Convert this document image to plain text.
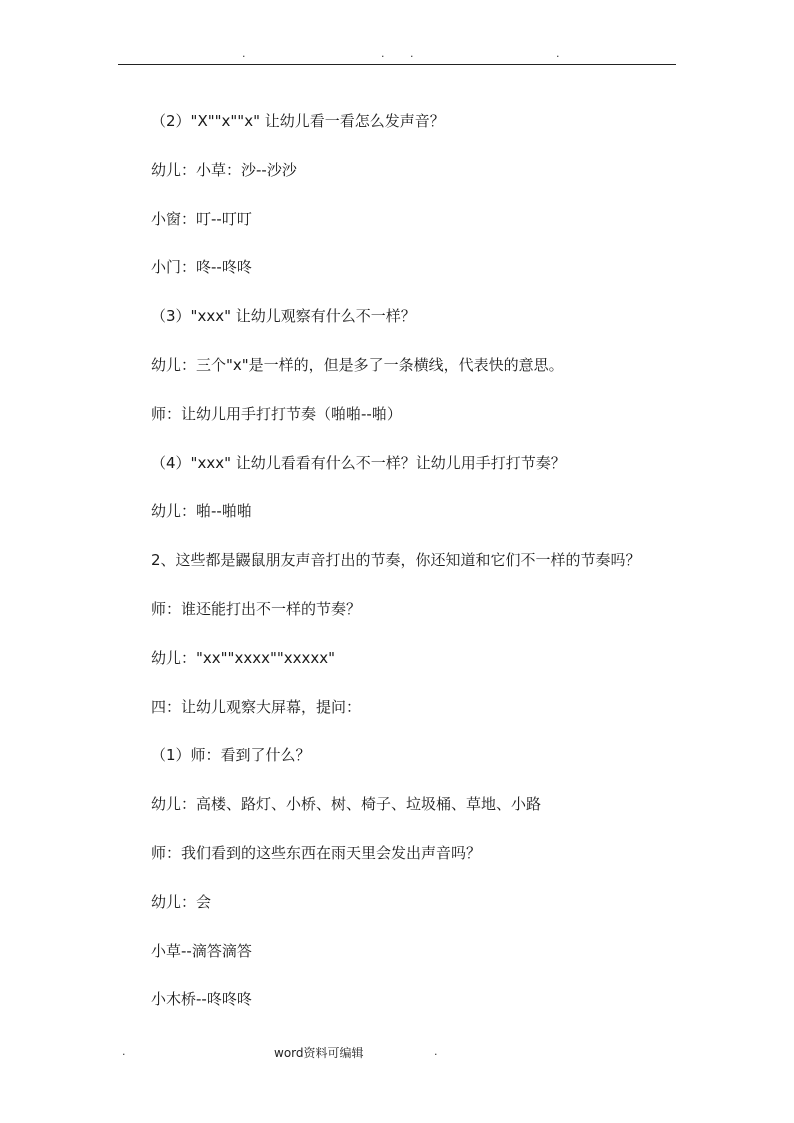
.	. .	.
（2）"X""x""x" 让幼儿看一看怎么发声音？
幼儿：小草：沙--沙沙
小窗：叮--叮叮
小门：咚--咚咚
（3）"xxx" 让幼儿观察有什么不一样？
幼儿：三个"x"是一样的，但是多了一条横线，代表快的意思。
师：让幼儿用手打打节奏（啪啪--啪）
（4）"xxx" 让幼儿看看有什么不一样？让幼儿用手打打节奏？
幼儿：啪--啪啪
2、这些都是鼹鼠朋友声音打出的节奏，你还知道和它们不一样的节奏吗？
师：谁还能打出不一样的节奏？
幼儿："xx""xxxx""xxxxx"
四：让幼儿观察大屏幕，提问：
（1）师：看到了什么？
幼儿：高楼、路灯、小桥、树、椅子、垃圾桶、草地、小路
师：我们看到的这些东西在雨天里会发出声音吗？
幼儿：会
小草--滴答滴答
小木桥--咚咚咚
.	word资料可编辑	.
